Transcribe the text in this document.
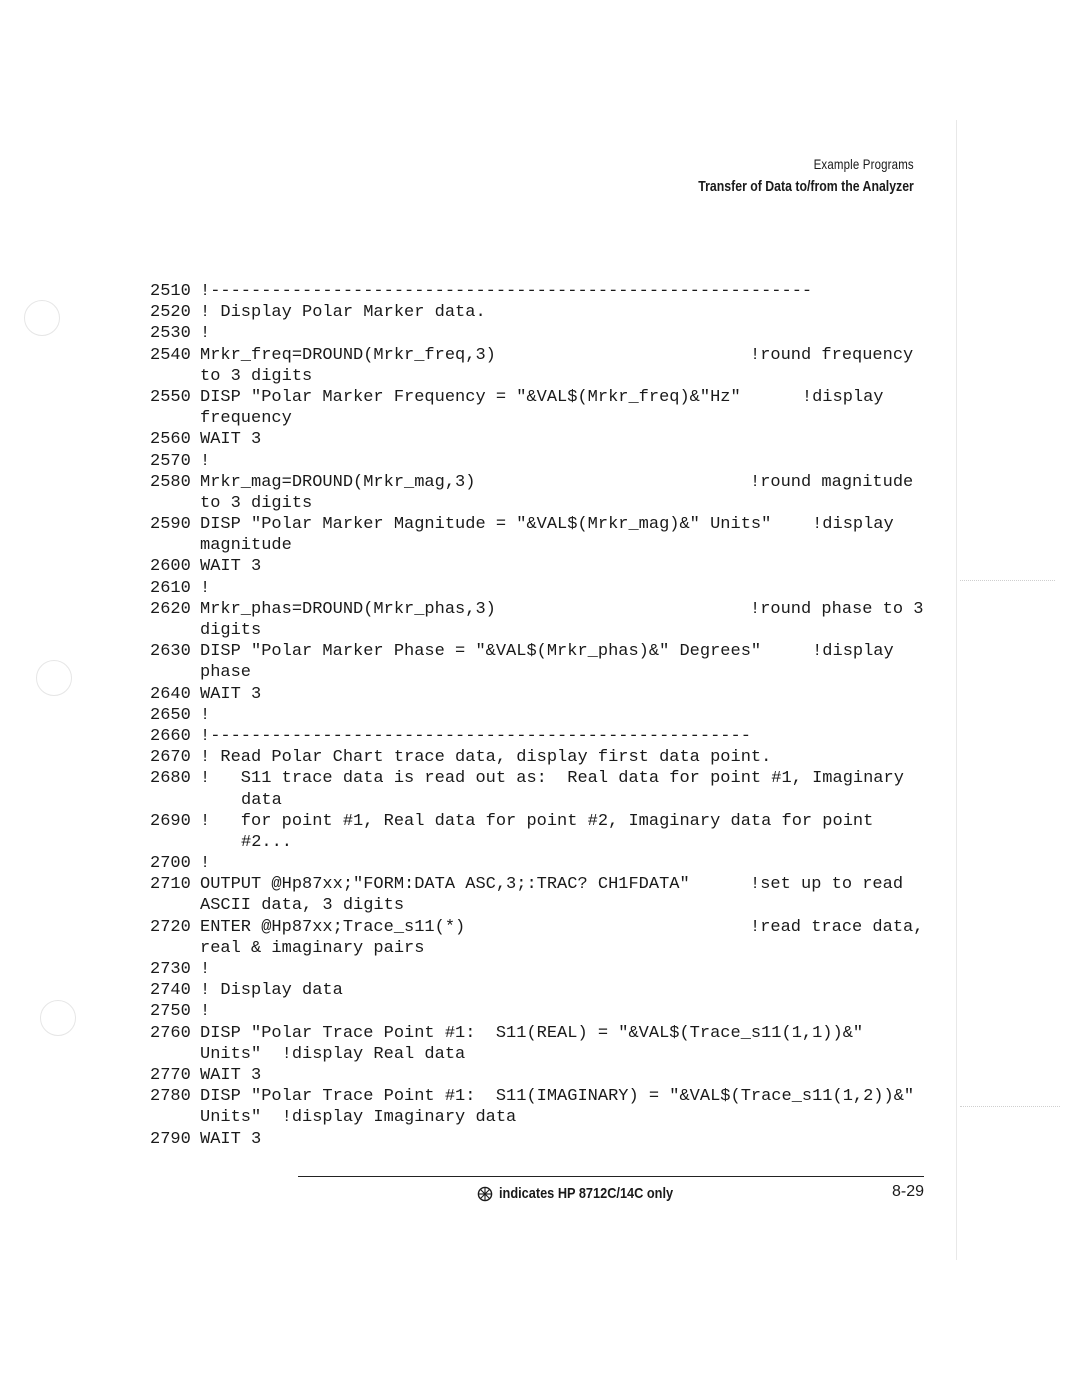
Example Programs
Transfer of Data to/from the Analyzer
2510 !-----------------------------------------------------------
2520 ! Display Polar Marker data.
2530 !
2540 Mrkr_freq=DROUND(Mrkr_freq,3)	!round frequency
to 3 digits
2550 DISP "Polar Marker Frequency = "&VAL$(Mrkr_freq)&"Hz"      !display
frequency
2560 WAIT 3
2570 !
2580 Mrkr_mag=DROUND(Mrkr_mag,3)	!round magnitude
to 3 digits
2590 DISP "Polar Marker Magnitude = "&VAL$(Mrkr_mag)&" Units"    !display
magnitude
2600 WAIT 3
2610 !
2620 Mrkr_phas=DROUND(Mrkr_phas,3)	!round phase to 3
digits
2630 DISP "Polar Marker Phase = "&VAL$(Mrkr_phas)&" Degrees"     !display
phase
2640 WAIT 3
2650 !
2660 !-----------------------------------------------------
2670 ! Read Polar Chart trace data, display first data point.
2680 !   S11 trace data is read out as:  Real data for point #1, Imaginary
data
2690 !   for point #1, Real data for point #2, Imaginary data for point
#2...
2700 !
2710 OUTPUT @Hp87xx;"FORM:DATA ASC,3;:TRAC? CH1FDATA"	!set up to read
ASCII data, 3 digits
2720 ENTER @Hp87xx;Trace_s11(*)	!read trace data,
real & imaginary pairs
2730 !
2740 ! Display data
2750 !
2760 DISP "Polar Trace Point #1:  S11(REAL) = "&VAL$(Trace_s11(1,1))&"
Units"  !display Real data
2770 WAIT 3
2780 DISP "Polar Trace Point #1:  S11(IMAGINARY) = "&VAL$(Trace_s11(1,2))&"
Units"  !display Imaginary data
2790 WAIT 3
indicates HP 8712C/14C only	8-29
